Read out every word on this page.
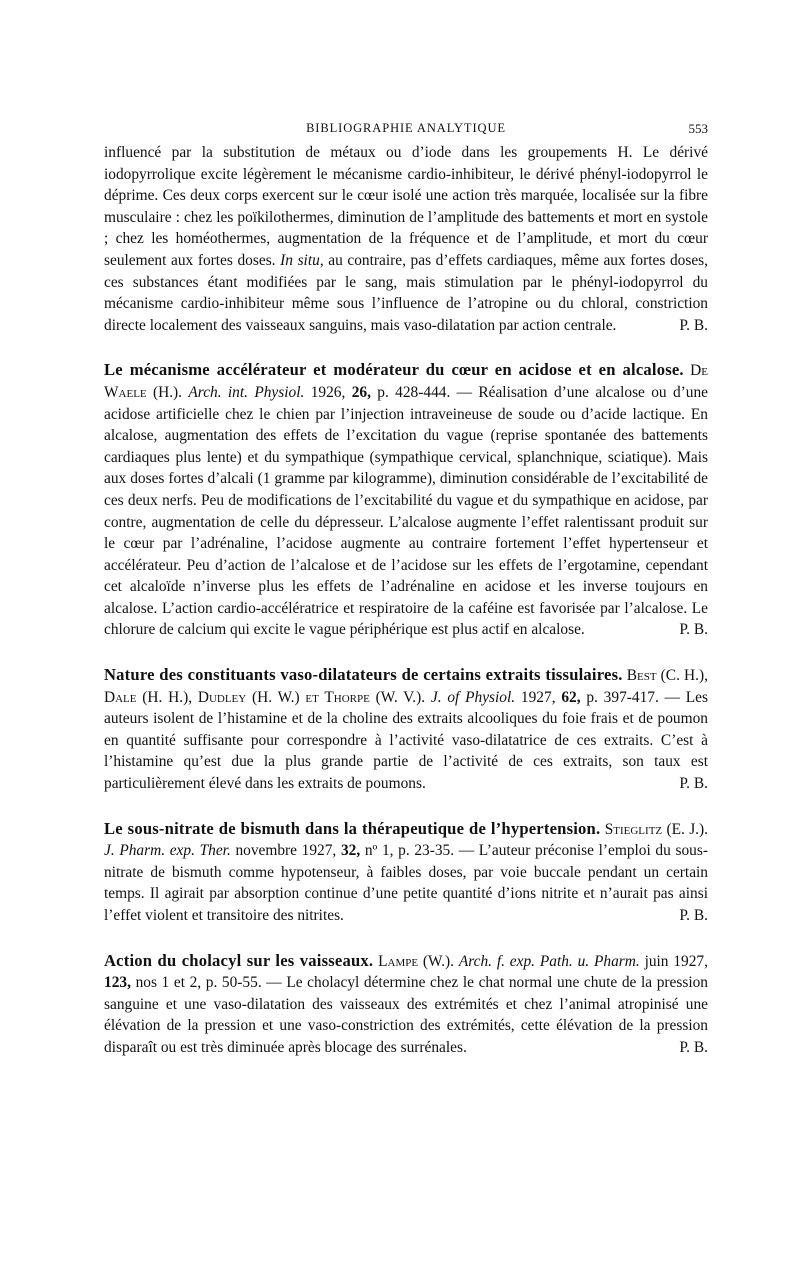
BIBLIOGRAPHIE ANALYTIQUE	553

influencé par la substitution de métaux ou d’iode dans les groupements H. Le dérivé iodopyrrolique excite légèrement le mécanisme cardio-inhibiteur, le dérivé phényl-iodopyrrol le déprime. Ces deux corps exercent sur le cœur isolé une action très marquée, localisée sur la fibre musculaire : chez les poïkilothermes, diminution de l’amplitude des battements et mort en systole ; chez les homéothermes, augmentation de la fréquence et de l’amplitude, et mort du cœur seulement aux fortes doses. In situ, au contraire, pas d’effets cardiaques, même aux fortes doses, ces substances étant modifiées par le sang, mais stimulation par le phényl-iodopyrrol du mécanisme cardio-inhibiteur même sous l’influence de l’atropine ou du chloral, constriction directe localement des vaisseaux sanguins, mais vaso-dilatation par action centrale.	P. B.

Le mécanisme accélérateur et modérateur du cœur en acidose et en alcalose. De Waele (H.). Arch. int. Physiol. 1926, 26, p. 428-444. — Réalisation d’une alcalose ou d’une acidose artificielle chez le chien par l’injection intraveineuse de soude ou d’acide lactique. En alcalose, augmentation des effets de l’excitation du vague (reprise spontanée des battements cardiaques plus lente) et du sympathique (sympathique cervical, splanchnique, sciatique). Mais aux doses fortes d’alcali (1 gramme par kilogramme), diminution considérable de l’excitabilité de ces deux nerfs. Peu de modifications de l’excitabilité du vague et du sympathique en acidose, par contre, augmentation de celle du dépresseur. L’alcalose augmente l’effet ralentissant produit sur le cœur par l’adrénaline, l’acidose augmente au contraire fortement l’effet hypertenseur et accélérateur. Peu d’action de l’alcalose et de l’acidose sur les effets de l’ergotamine, cependant cet alcaloïde n’inverse plus les effets de l’adrénaline en acidose et les inverse toujours en alcalose. L’action cardio-accélératrice et respiratoire de la caféine est favorisée par l’alcalose. Le chlorure de calcium qui excite le vague périphérique est plus actif en alcalose.	P. B.

Nature des constituants vaso-dilatateurs de certains extraits tissulaires. Best (C. H.), Dale (H. H.), Dudley (H. W.) et Thorpe (W. V.). J. of Physiol. 1927, 62, p. 397-417. — Les auteurs isolent de l’histamine et de la choline des extraits alcooliques du foie frais et de poumon en quantité suffisante pour correspondre à l’activité vaso-dilatatrice de ces extraits. C’est à l’histamine qu’est due la plus grande partie de l’activité de ces extraits, son taux est particulièrement élevé dans les extraits de poumons.	P. B.

Le sous-nitrate de bismuth dans la thérapeutique de l’hypertension. Stieglitz (E. J.). J. Pharm. exp. Ther. novembre 1927, 32, nº 1, p. 23-35. — L’auteur préconise l’emploi du sous-nitrate de bismuth comme hypotenseur, à faibles doses, par voie buccale pendant un certain temps. Il agirait par absorption continue d’une petite quantité d’ions nitrite et n’aurait pas ainsi l’effet violent et transitoire des nitrites.	P. B.

Action du cholacyl sur les vaisseaux. Lampe (W.). Arch. f. exp. Path. u. Pharm. juin 1927, 123, nos 1 et 2, p. 50-55. — Le cholacyl détermine chez le chat normal une chute de la pression sanguine et une vaso-dilatation des vaisseaux des extrémités et chez l’animal atropinisé une élévation de la pression et une vaso-constriction des extrémités, cette élévation de la pression disparaît ou est très diminuée après blocage des surrénales.	P. B.
